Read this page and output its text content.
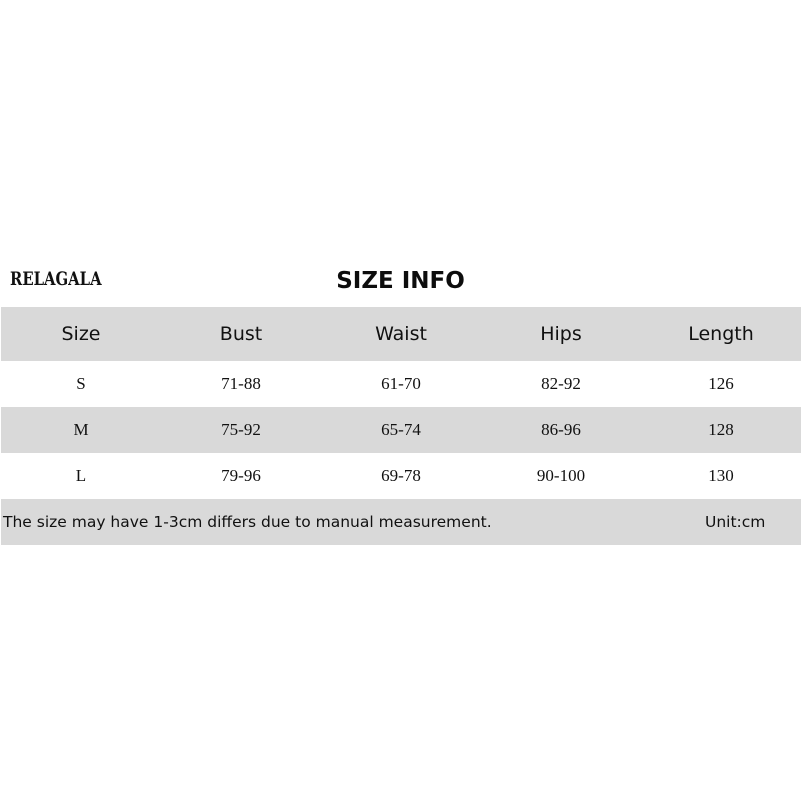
RELAGALA	SIZE INFO
Size	Bust	Waist	Hips	Length
S	71-88	61-70	82-92	126
M	75-92	65-74	86-96	128
L	79-96	69-78	90-100	130
The size may have 1-3cm differs due to manual measurement.	Unit:cm
